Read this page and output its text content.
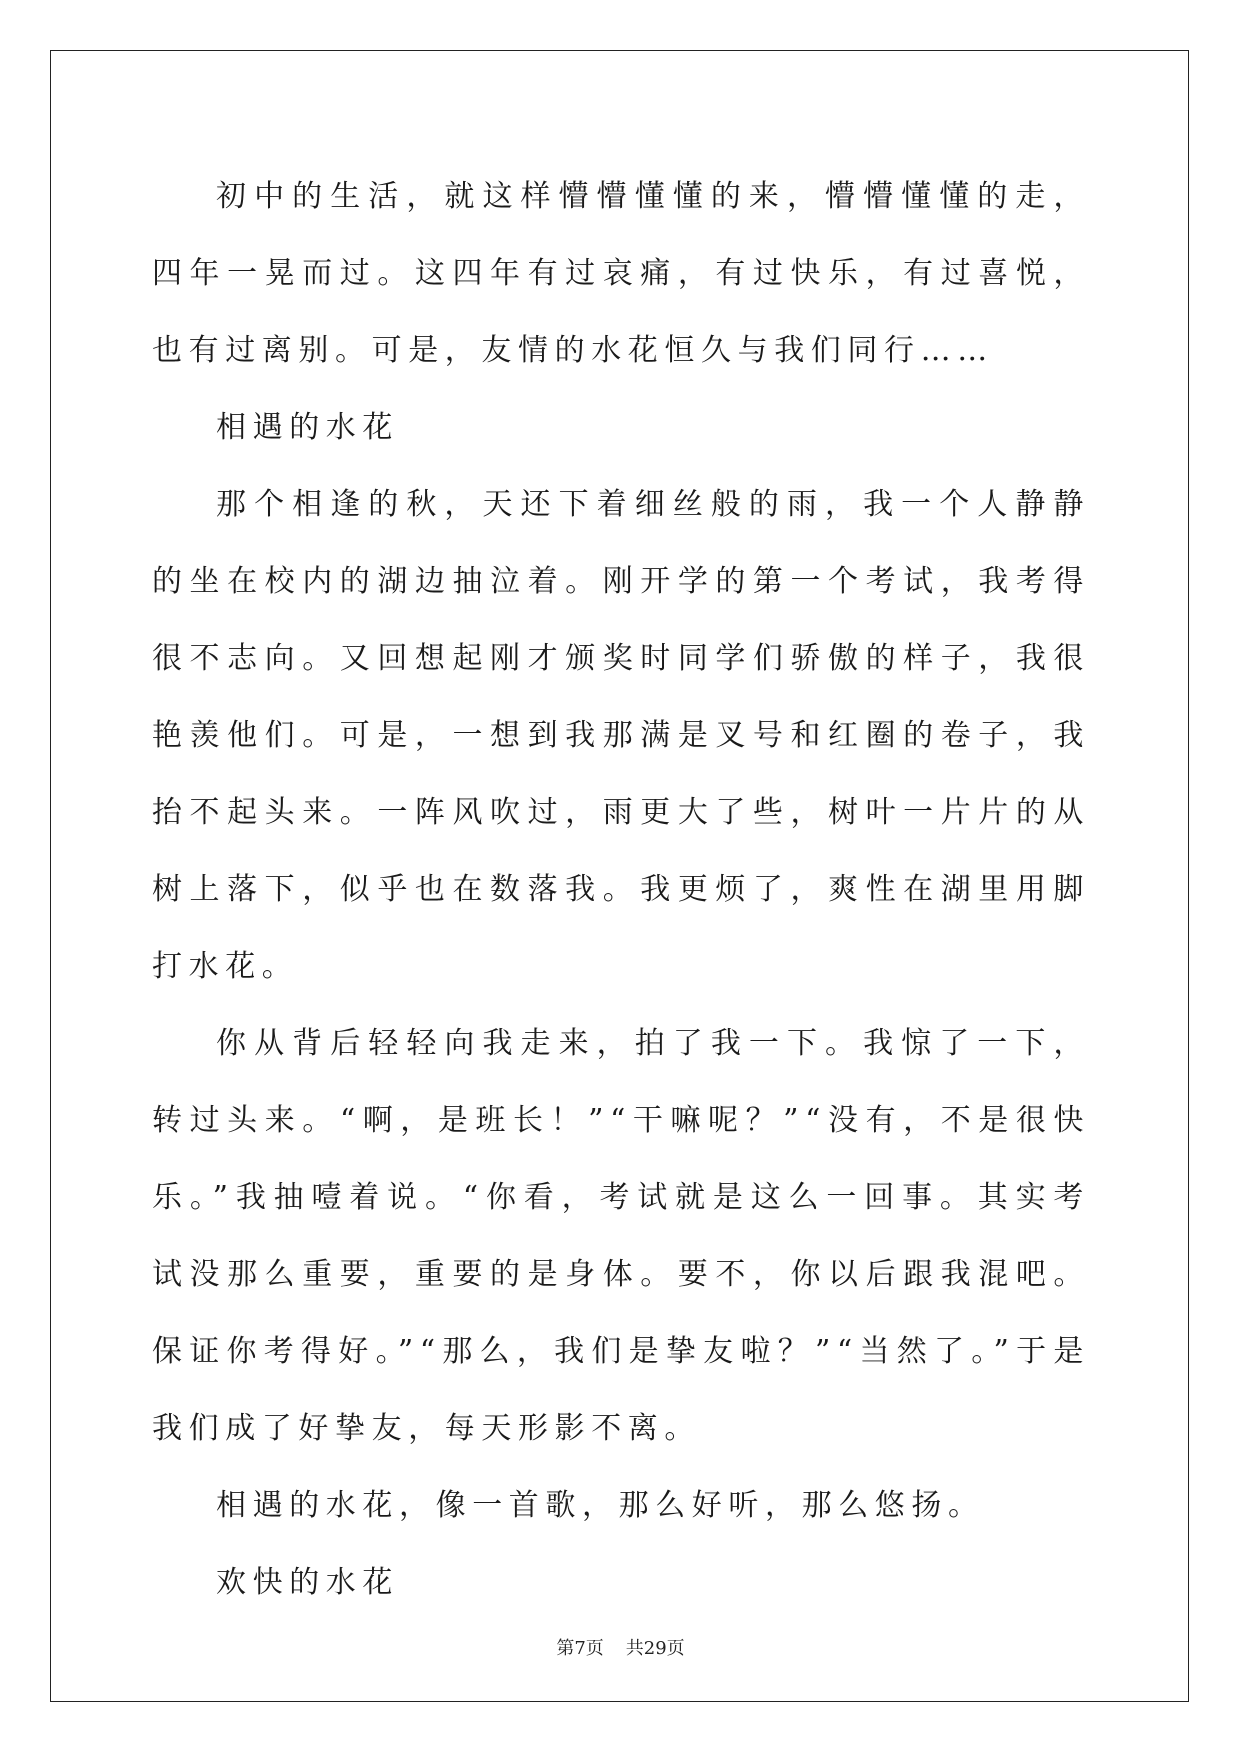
初中的生活，就这样懵懵懂懂的来，懵懵懂懂的走，四年一晃而过。这四年有过哀痛，有过快乐，有过喜悦，也有过离别。可是，友情的水花恒久与我们同行……

相遇的水花

那个相逢的秋，天还下着细丝般的雨，我一个人静静的坐在校内的湖边抽泣着。刚开学的第一个考试，我考得很不志向。又回想起刚才颁奖时同学们骄傲的样子，我很艳羡他们。可是，一想到我那满是叉号和红圈的卷子，我抬不起头来。一阵风吹过，雨更大了些，树叶一片片的从树上落下，似乎也在数落我。我更烦了，爽性在湖里用脚打水花。

你从背后轻轻向我走来，拍了我一下。我惊了一下，转过头来。“啊，是班长！”“干嘛呢？”“没有，不是很快乐。”我抽噎着说。“你看，考试就是这么一回事。其实考试没那么重要，重要的是身体。要不，你以后跟我混吧。保证你考得好。”“那么，我们是挚友啦？”“当然了。”于是我们成了好挚友，每天形影不离。

相遇的水花，像一首歌，那么好听，那么悠扬。

欢快的水花

第7页 共29页
